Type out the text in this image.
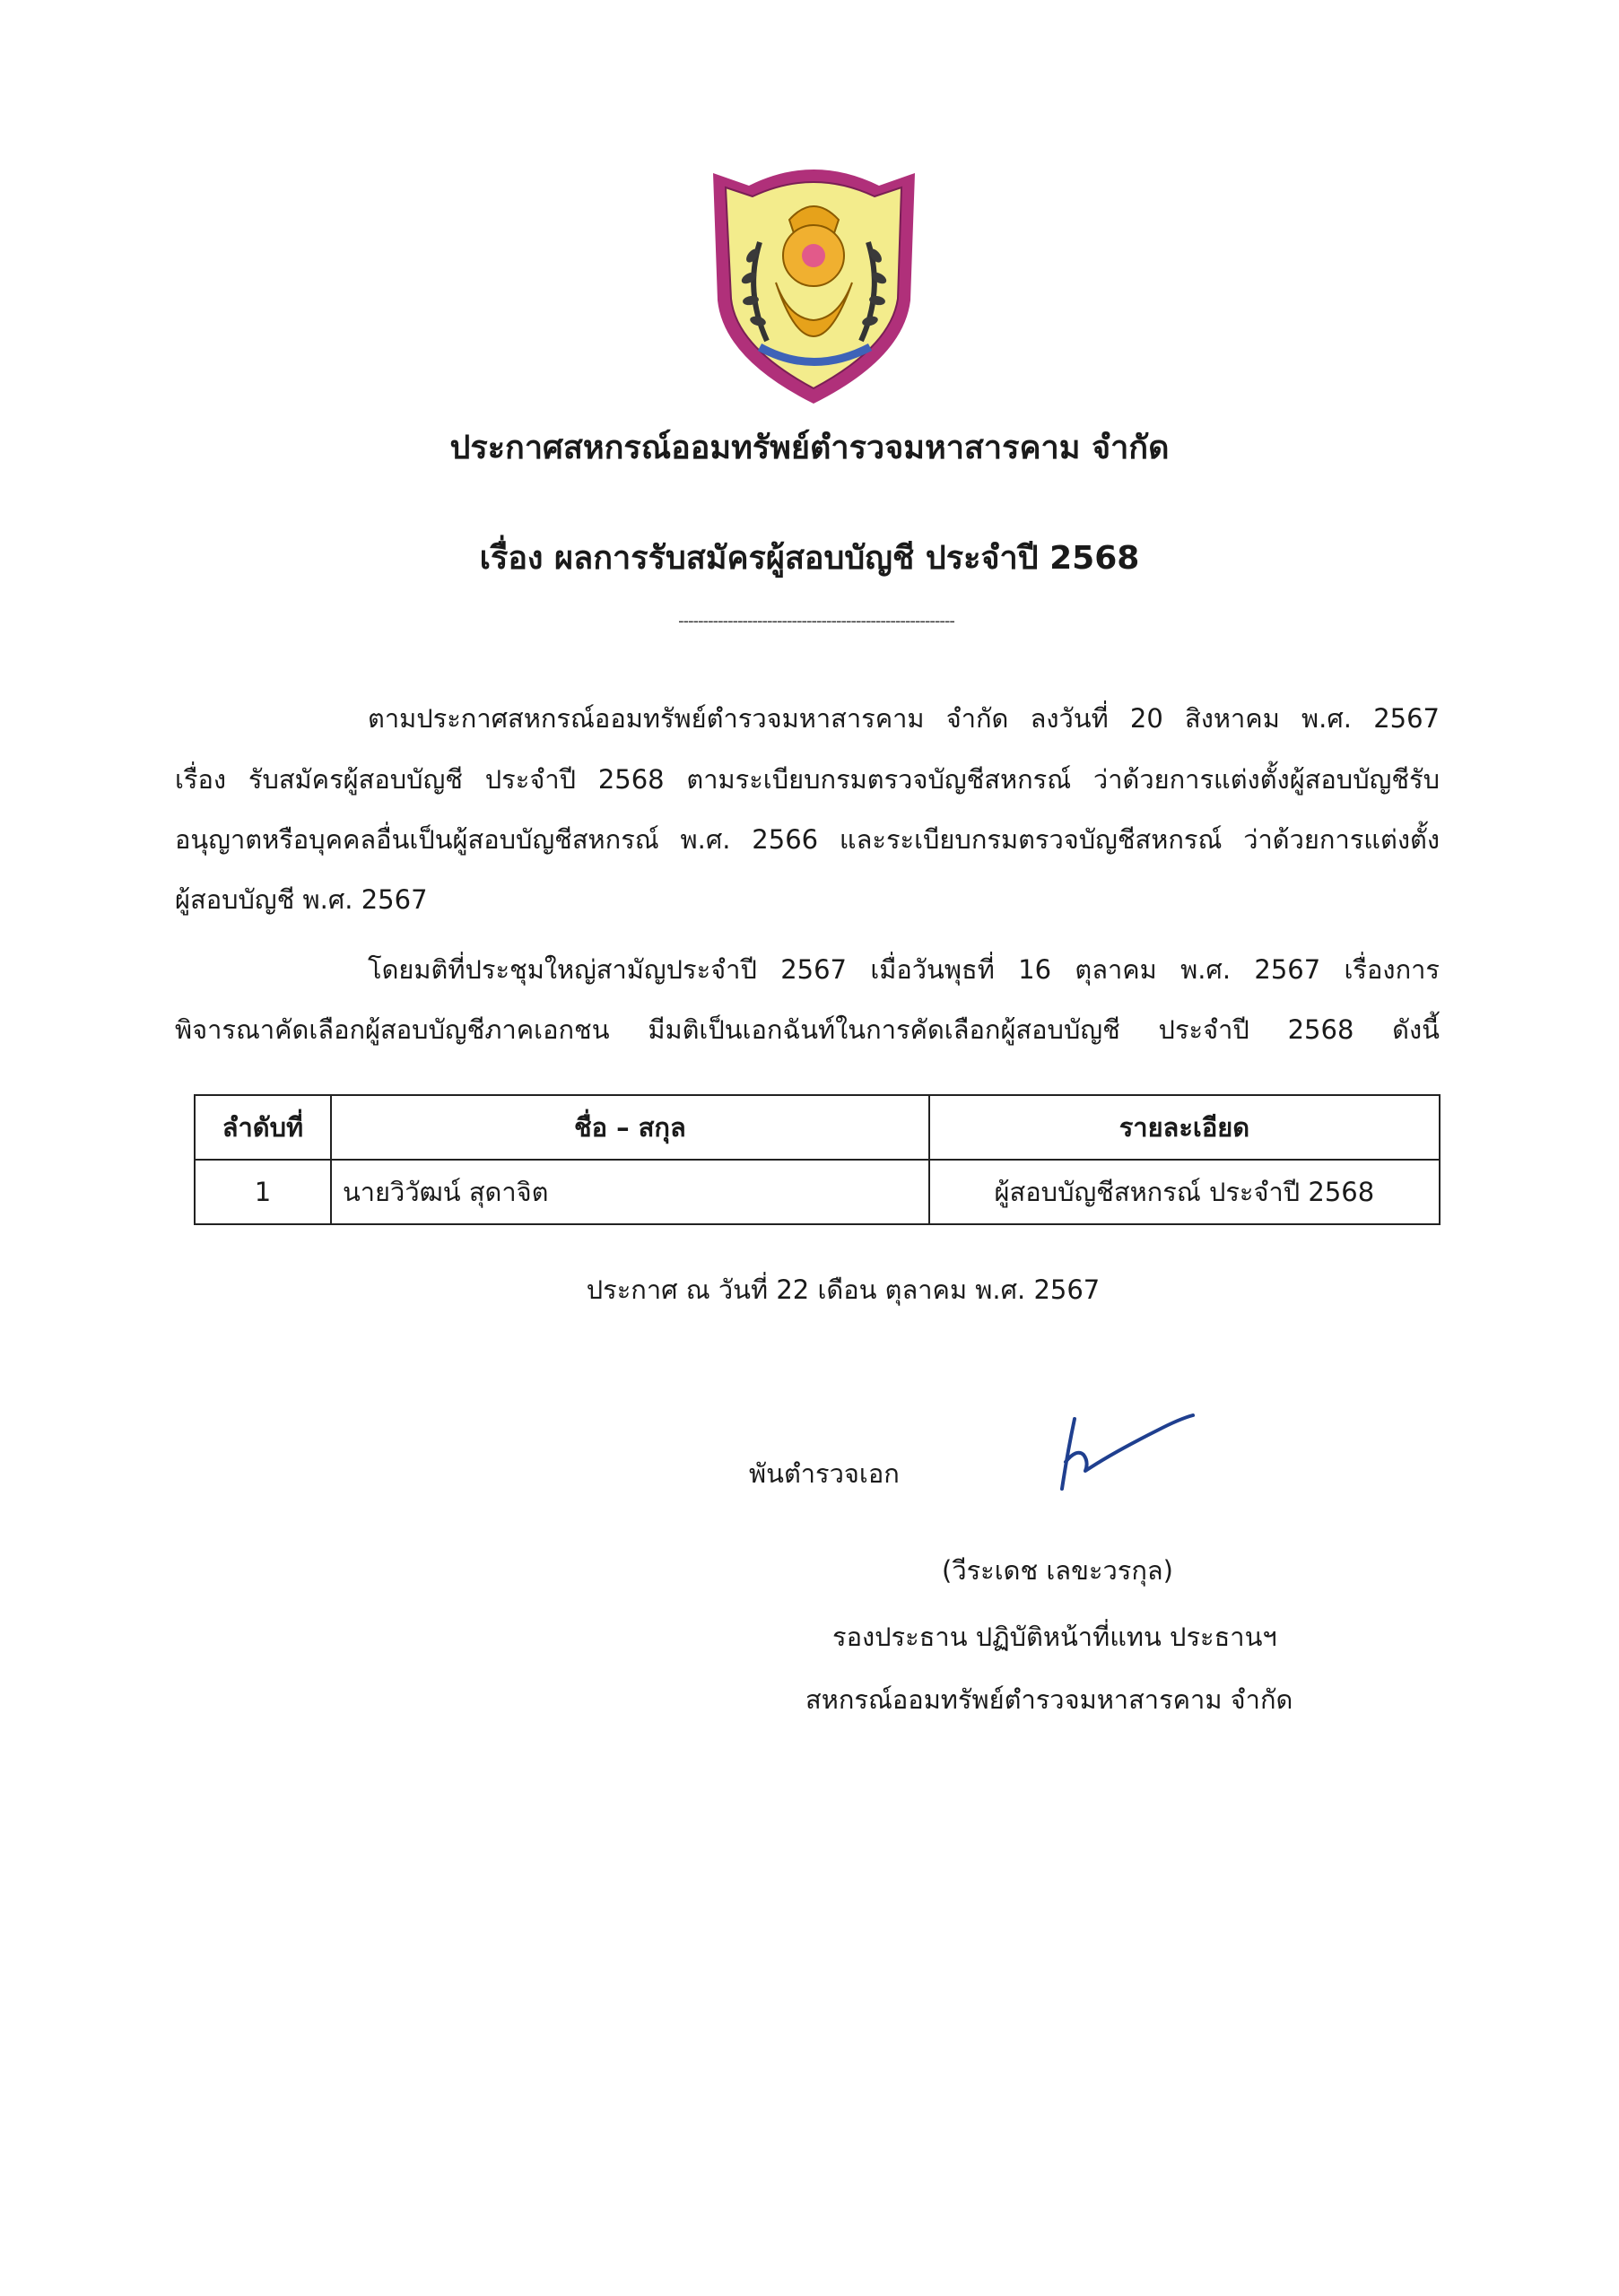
ประกาศสหกรณ์ออมทรัพย์ตำรวจมหาสารคาม จำกัด
เรื่อง ผลการรับสมัครผู้สอบบัญชี ประจำปี 2568
--------------------------------------------------------
ตามประกาศสหกรณ์ออมทรัพย์ตำรวจมหาสารคาม จำกัด ลงวันที่ 20 สิงหาคม พ.ศ. 2567
เรื่อง รับสมัครผู้สอบบัญชี ประจำปี 2568 ตามระเบียบกรมตรวจบัญชีสหกรณ์ ว่าด้วยการแต่งตั้งผู้สอบบัญชีรับ
อนุญาตหรือบุคคลอื่นเป็นผู้สอบบัญชีสหกรณ์ พ.ศ. 2566 และระเบียบกรมตรวจบัญชีสหกรณ์ ว่าด้วยการแต่งตั้ง
ผู้สอบบัญชี พ.ศ. 2567
โดยมติที่ประชุมใหญ่สามัญประจำปี 2567 เมื่อวันพุธที่ 16 ตุลาคม พ.ศ. 2567 เรื่องการ
พิจารณาคัดเลือกผู้สอบบัญชีภาคเอกชน มีมติเป็นเอกฉันท์ในการคัดเลือกผู้สอบบัญชี ประจำปี 2568 ดังนี้
ลำดับที่	ชื่อ – สกุล	รายละเอียด
1	นายวิวัฒน์ สุดาจิต	ผู้สอบบัญชีสหกรณ์ ประจำปี 2568
ประกาศ ณ วันที่ 22 เดือน ตุลาคม พ.ศ. 2567
พันตำรวจเอก
(วีระเดช เลขะวรกุล)
รองประธาน ปฏิบัติหน้าที่แทน ประธานฯ
สหกรณ์ออมทรัพย์ตำรวจมหาสารคาม จำกัด
